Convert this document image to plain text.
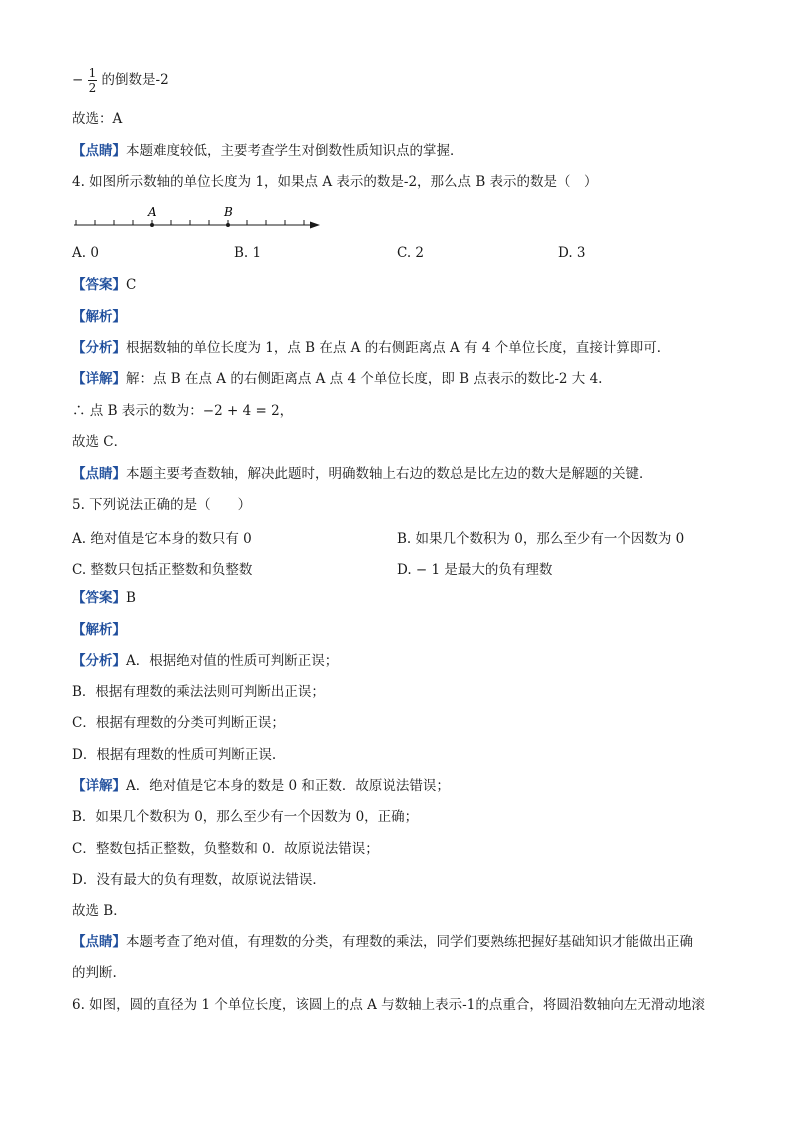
− $\frac{1}{2}$ 的倒数是-2
故选：A
【点睛】本题难度较低，主要考查学生对倒数性质知识点的掌握．
4. 如图所示数轴的单位长度为 1，如果点 A 表示的数是-2，那么点 B 表示的数是（　）
A	B
A. 0	B. 1	C. 2	D. 3
【答案】C
【解析】
【分析】根据数轴的单位长度为 1，点 B 在点 A 的右侧距离点 A 有 4 个单位长度，直接计算即可．
【详解】解：点 B 在点 A 的右侧距离点 A 点 4 个单位长度，即 B 点表示的数比-2 大 4.
∴ 点 B 表示的数为：−2 + 4 = 2，
故选 C．
【点睛】本题主要考查数轴，解决此题时，明确数轴上右边的数总是比左边的数大是解题的关键．
5. 下列说法正确的是（　　）
A. 绝对值是它本身的数只有 0	B. 如果几个数积为 0，那么至少有一个因数为 0
C. 整数只包括正整数和负整数	D. − 1 是最大的负有理数
【答案】B
【解析】
【分析】A．根据绝对值的性质可判断正误；
B．根据有理数的乘法法则可判断出正误；
C．根据有理数的分类可判断正误；
D．根据有理数的性质可判断正误.
【详解】A．绝对值是它本身的数是 0 和正数．故原说法错误；
B．如果几个数积为 0，那么至少有一个因数为 0，正确；
C．整数包括正整数，负整数和 0．故原说法错误；
D．没有最大的负有理数，故原说法错误．
故选 B．
【点睛】本题考查了绝对值，有理数的分类，有理数的乘法，同学们要熟练把握好基础知识才能做出正确
的判断.
6. 如图，圆的直径为 1 个单位长度，该圆上的点 A 与数轴上表示-1的点重合，将圆沿数轴向左无滑动地滚
